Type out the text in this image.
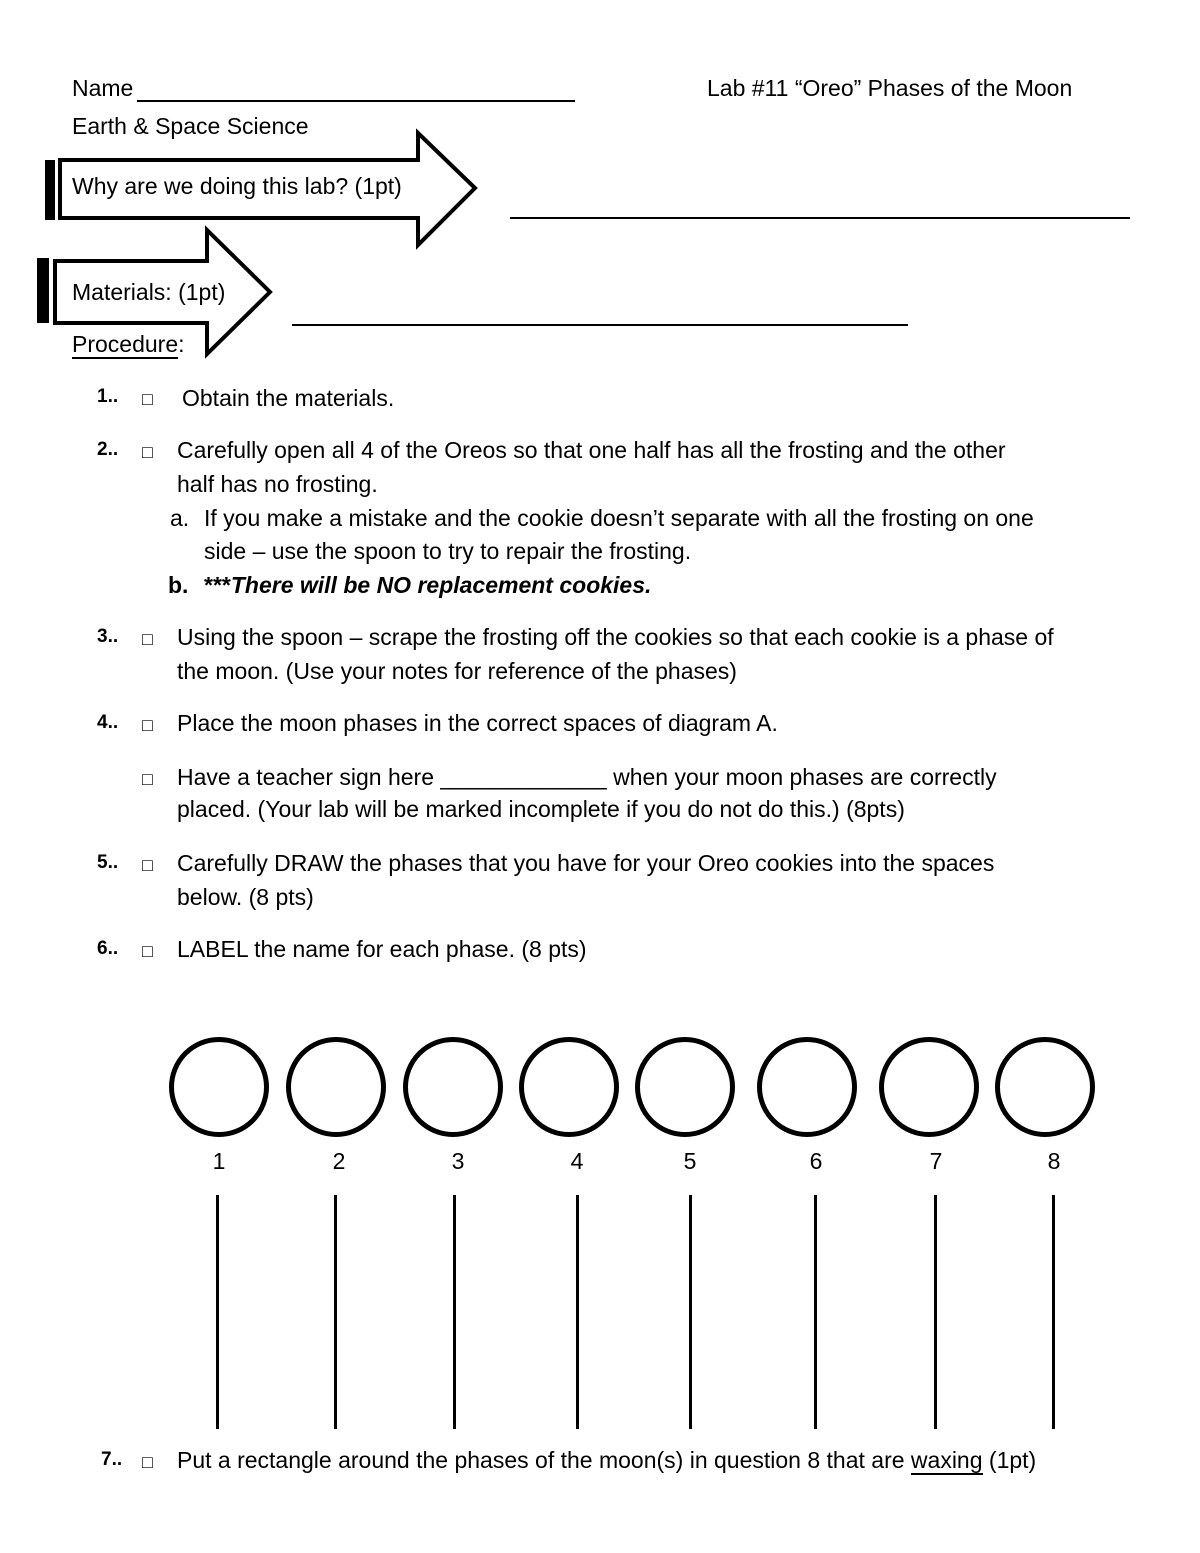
Name	Lab #11 “Oreo” Phases of the Moon
Earth & Space Science
Why are we doing this lab? (1pt)
Materials: (1pt)
Procedure:
1.. □ Obtain the materials.
2.. □ Carefully open all 4 of the Oreos so that one half has all the frosting and the other
half has no frosting.
a. If you make a mistake and the cookie doesn’t separate with all the frosting on one
side – use the spoon to try to repair the frosting.
b. ***There will be NO replacement cookies.
3.. □ Using the spoon – scrape the frosting off the cookies so that each cookie is a phase of
the moon. (Use your notes for reference of the phases)
4.. □ Place the moon phases in the correct spaces of diagram A.
□ Have a teacher sign here _____________ when your moon phases are correctly
placed. (Your lab will be marked incomplete if you do not do this.) (8pts)
5.. □ Carefully DRAW the phases that you have for your Oreo cookies into the spaces
below. (8 pts)
6.. □ LABEL the name for each phase. (8 pts)
1	2	3	4	5	6	7	8
7.. □ Put a rectangle around the phases of the moon(s) in question 8 that are waxing (1pt)
